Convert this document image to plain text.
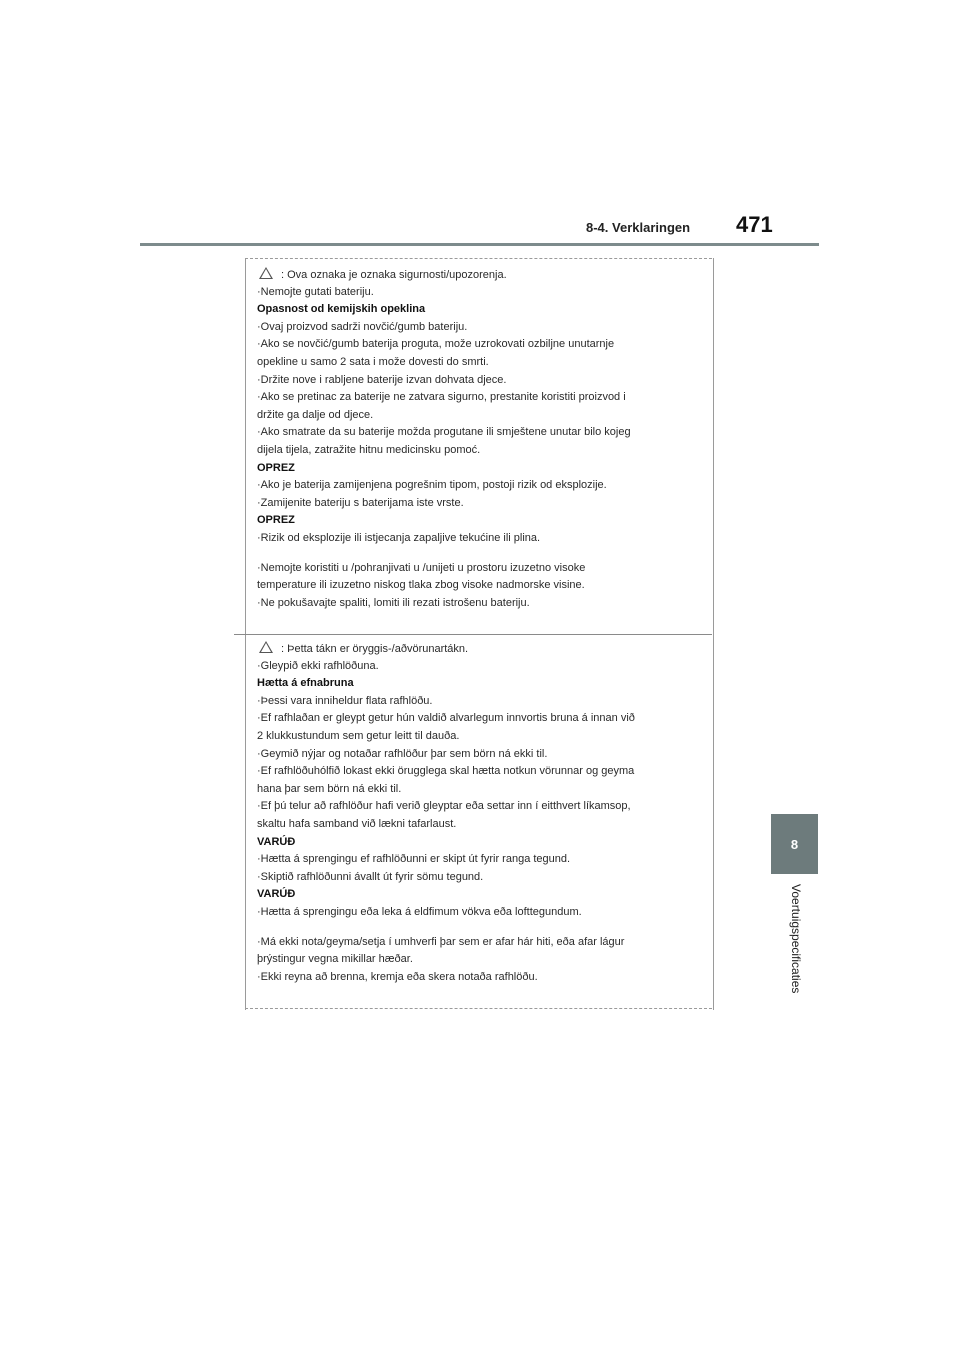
8-4. Verklaringen 471
8
Voertuigspecificaties
: Ova oznaka je oznaka sigurnosti/upozorenja.
·Nemojte gutati bateriju.
Opasnost od kemijskih opeklina
·Ovaj proizvod sadrži novčić/gumb bateriju.
·Ako se novčić/gumb baterija proguta, može uzrokovati ozbiljne unutarnje
opekline u samo 2 sata i može dovesti do smrti.
·Držite nove i rabljene baterije izvan dohvata djece.
·Ako se pretinac za baterije ne zatvara sigurno, prestanite koristiti proizvod i
držite ga dalje od djece.
·Ako smatrate da su baterije možda progutane ili smještene unutar bilo kojeg
dijela tijela, zatražite hitnu medicinsku pomoć.
OPREZ
·Ako je baterija zamijenjena pogrešnim tipom, postoji rizik od eksplozije.
·Zamijenite bateriju s baterijama iste vrste.
OPREZ
·Rizik od eksplozije ili istjecanja zapaljive tekućine ili plina.
·Nemojte koristiti u /pohranjivati u /unijeti u prostoru izuzetno visoke
temperature ili izuzetno niskog tlaka zbog visoke nadmorske visine.
·Ne pokušavajte spaliti, lomiti ili rezati istrošenu bateriju.
: Þetta tákn er öryggis-/aðvörunartákn.
·Gleypið ekki rafhlöðuna.
Hætta á efnabruna
·Þessi vara inniheldur flata rafhlöðu.
·Ef rafhlaðan er gleypt getur hún valdið alvarlegum innvortis bruna á innan við
2 klukkustundum sem getur leitt til dauða.
·Geymið nýjar og notaðar rafhlöður þar sem börn ná ekki til.
·Ef rafhlöðuhólfið lokast ekki örugglega skal hætta notkun vörunnar og geyma
hana þar sem börn ná ekki til.
·Ef þú telur að rafhlöður hafi verið gleyptar eða settar inn í eitthvert líkamsop,
skaltu hafa samband við lækni tafarlaust.
VARÚÐ
·Hætta á sprengingu ef rafhlöðunni er skipt út fyrir ranga tegund.
·Skiptið rafhlöðunni ávallt út fyrir sömu tegund.
VARÚÐ
·Hætta á sprengingu eða leka á eldfimum vökva eða lofttegundum.
·Má ekki nota/geyma/setja í umhverfi þar sem er afar hár hiti, eða afar lágur
þrýstingur vegna mikillar hæðar.
·Ekki reyna að brenna, kremja eða skera notaða rafhlöðu.
